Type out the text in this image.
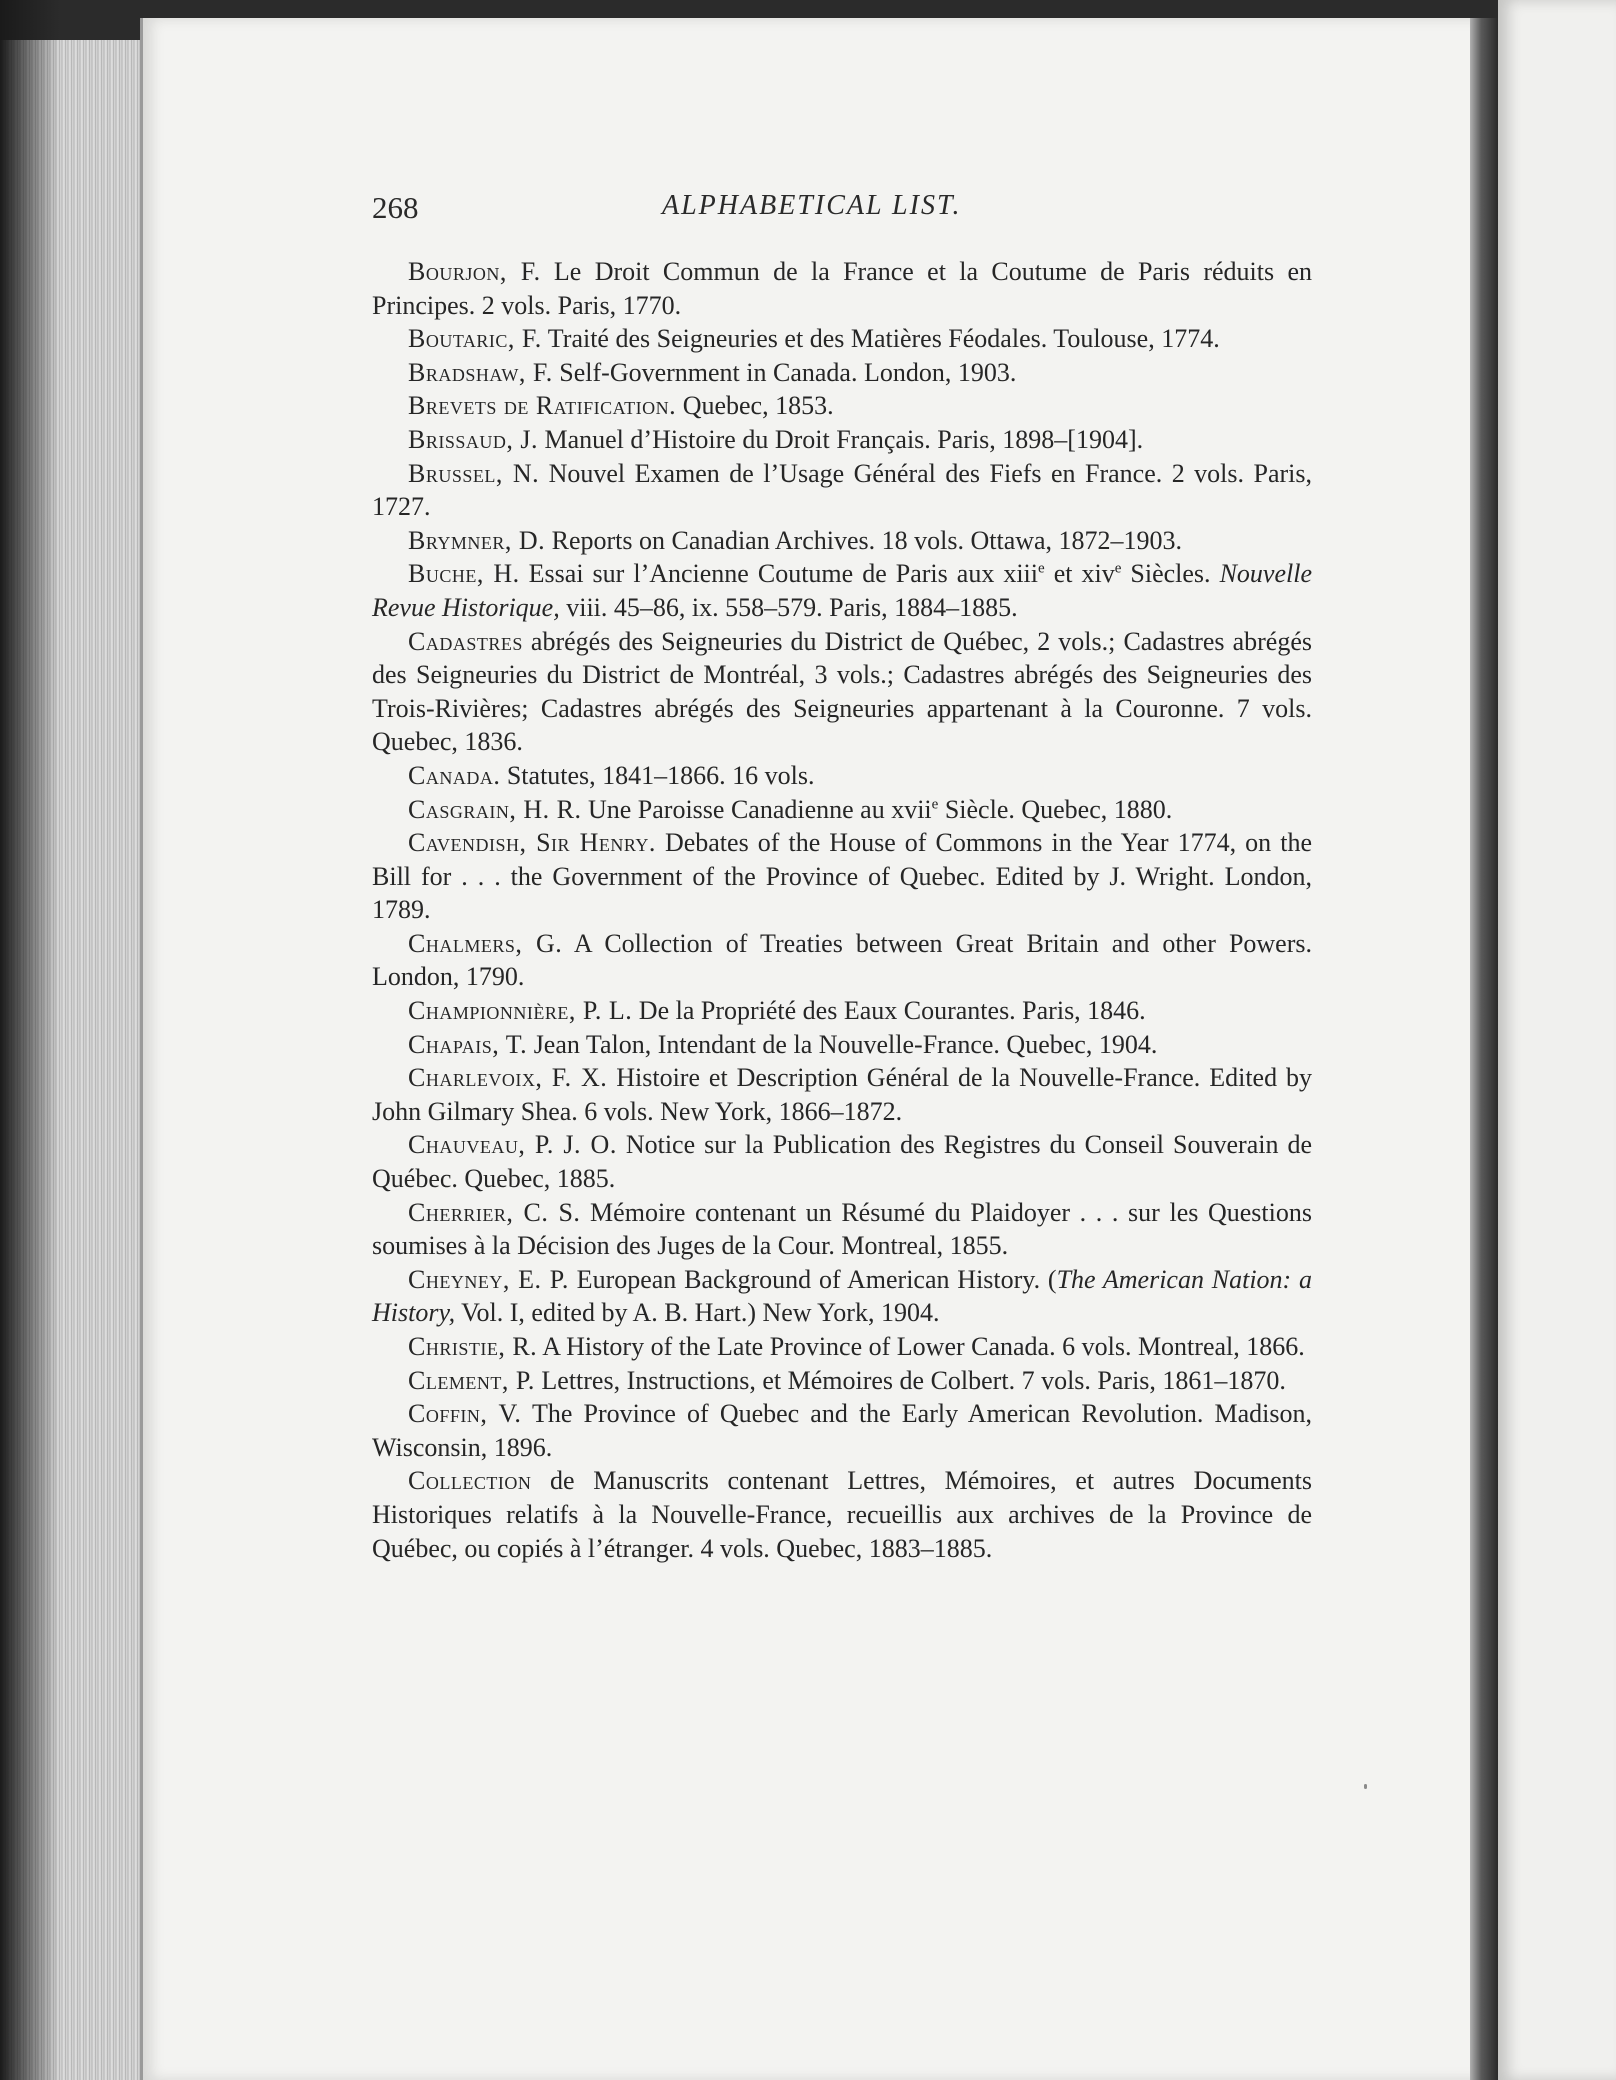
268	ALPHABETICAL LIST.

Bourjon, F. Le Droit Commun de la France et la Coutume de Paris réduits en Principes. 2 vols. Paris, 1770.

Boutaric, F. Traité des Seigneuries et des Matières Féodales. Toulouse, 1774.

Bradshaw, F. Self-Government in Canada. London, 1903.

Brevets de Ratification. Quebec, 1853.

Brissaud, J. Manuel d’Histoire du Droit Français. Paris, 1898–[1904].

Brussel, N. Nouvel Examen de l’Usage Général des Fiefs en France. 2 vols. Paris, 1727.

Brymner, D. Reports on Canadian Archives. 18 vols. Ottawa, 1872–1903.

Buche, H. Essai sur l’Ancienne Coutume de Paris aux xiii$^e$ et xiv$^e$ Siècles. Nouvelle Revue Historique, viii. 45–86, ix. 558–579. Paris, 1884–1885.

Cadastres abrégés des Seigneuries du District de Québec, 2 vols.; Cadastres abrégés des Seigneuries du District de Montréal, 3 vols.; Cadastres abrégés des Seigneuries des Trois-Rivières; Cadastres abrégés des Seigneuries appartenant à la Couronne. 7 vols. Quebec, 1836.

Canada. Statutes, 1841–1866. 16 vols.

Casgrain, H. R. Une Paroisse Canadienne au xvii$^e$ Siècle. Quebec, 1880.

Cavendish, Sir Henry. Debates of the House of Commons in the Year 1774, on the Bill for . . . the Government of the Province of Quebec. Edited by J. Wright. London, 1789.

Chalmers, G. A Collection of Treaties between Great Britain and other Powers. London, 1790.

Championnière, P. L. De la Propriété des Eaux Courantes. Paris, 1846.

Chapais, T. Jean Talon, Intendant de la Nouvelle-France. Quebec, 1904.

Charlevoix, F. X. Histoire et Description Général de la Nouvelle-France. Edited by John Gilmary Shea. 6 vols. New York, 1866–1872.

Chauveau, P. J. O. Notice sur la Publication des Registres du Conseil Souverain de Québec. Quebec, 1885.

Cherrier, C. S. Mémoire contenant un Résumé du Plaidoyer . . . sur les Questions soumises à la Décision des Juges de la Cour. Montreal, 1855.

Cheyney, E. P. European Background of American History. (The American Nation: a History, Vol. I, edited by A. B. Hart.) New York, 1904.

Christie, R. A History of the Late Province of Lower Canada. 6 vols. Montreal, 1866.

Clement, P. Lettres, Instructions, et Mémoires de Colbert. 7 vols. Paris, 1861–1870.

Coffin, V. The Province of Quebec and the Early American Revolution. Madison, Wisconsin, 1896.

Collection de Manuscrits contenant Lettres, Mémoires, et autres Documents Historiques relatifs à la Nouvelle-France, recueillis aux archives de la Province de Québec, ou copiés à l’étranger. 4 vols. Quebec, 1883–1885.
